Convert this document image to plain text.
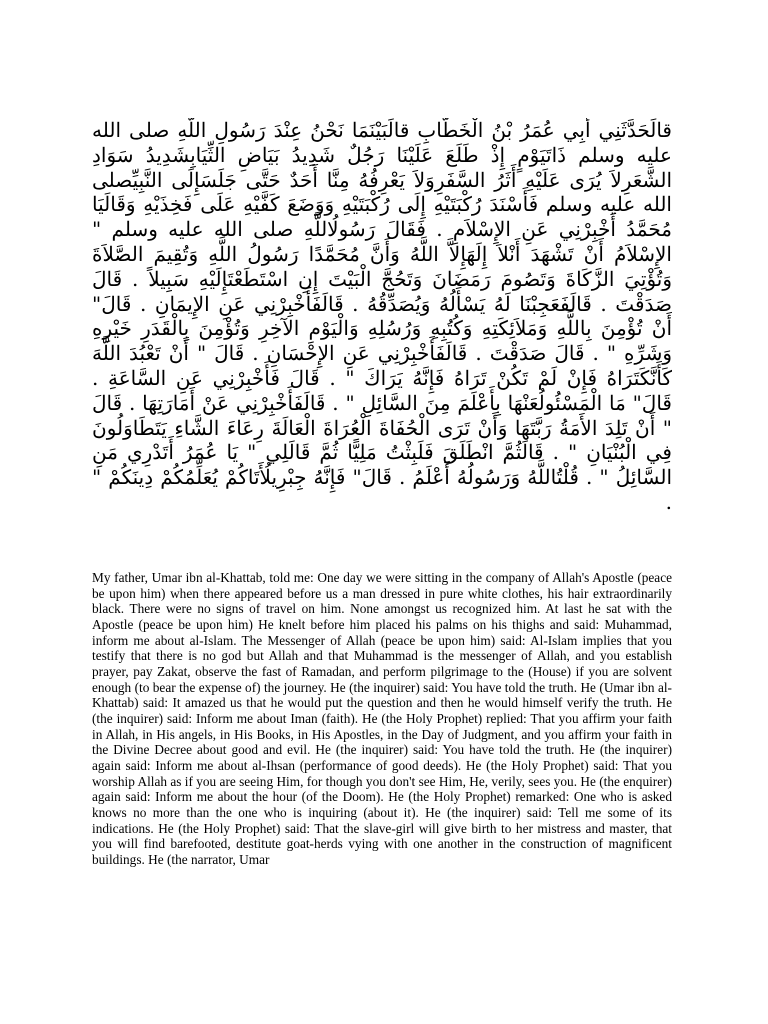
قالَحَدَّثَنِي أَبِي عُمَرُ بْنُ الْخَطَّابِ قالَبَيْنَمَا نَحْنُ عِنْدَ رَسُولِ اللَّهِ صلى الله عليه وسلم ذَاتَيَوْمٍ إِذْ طَلَعَ عَلَيْنَا رَجُلٌ شَدِيدُ بَيَاضِ الثِّيَابِشَدِيدُ سَوَادِ الشَّعَرِلاَ يُرَى عَلَيْهِ أَثَرُ السَّفَرِوَلاَ يَعْرِفُهُ مِنَّا أَحَدٌ حَتَّى جَلَسَإِلَى النَّبِيِّصلى الله عليه وسلم فَأَسْنَدَ رُكْبَتَيْهِ إِلَى رُكْبَتَيْهِ وَوَضَعَ كَفَّيْهِ عَلَى فَخِذَيْهِ وَقَالَيَا مُحَمَّدُ أَخْبِرْنِي عَنِ الإِسْلاَمِ . فَقَالَ رَسُولُاللَّهِ صلى الله عليه وسلم " الإِسْلاَمُ أَنْ تَشْهَدَ أَنْلاَ إِلَهَإِلاَّ اللَّهُ وَأَنَّ مُحَمَّدًا رَسُولُ اللَّهِ وَتُقِيمَ الصَّلاَةَ وَتُؤْتِيَ الزَّكَاةَ وَتَصُومَ رَمَضَانَ وَتَحُجَّ الْبَيْتَ إِنِ اسْتَطَعْتَإِلَيْهِ سَبِيلاً . قَالَ صَدَقْتَ . قَالَفَعَجِبْنَا لَهُ يَسْأَلُهُ وَيُصَدِّقُهُ . قَالَفَأَخْبِرْنِي عَنِ الإِيمَانِ . قَالَ" أَنْ تُؤْمِنَ بِاللَّهِ وَمَلاَئِكَتِهِ وَكُتُبِهِ وَرُسُلِهِ وَالْيَوْمِ الآخِرِ وَتُؤْمِنَ بِالْقَدَرِ خَيْرِهِ وَشَرِّهِ " . قَالَ صَدَقْتَ . قَالَفَأَخْبِرْنِي عَنِ الإِحْسَانِ . قَالَ " أَنْ تَعْبُدَ اللَّهَ كَأَنَّكَتَرَاهُ فَإِنْ لَمْ تَكُنْ تَرَاهُ فَإِنَّهُ يَرَاكَ " . قَالَ فَأَخْبِرْنِي عَنِ السَّاعَةِ . قَالَ" مَا الْمَسْئُولُعَنْهَا بِأَعْلَمَ مِنَ السَّائِلِ " . قَالَفَأَخْبِرْنِي عَنْ أَمَارَتِهَا . قَالَ " أَنْ تَلِدَ الأَمَةُ رَبَّتَهَا وَأَنْ تَرَى الْحُفَاةَ الْعُرَاةَ الْعَالَةَ رِعَاءَ الشَّاءِ يَتَطَاوَلُونَ فِي الْبُنْيَانِ " . قَالَثُمَّ انْطَلَقَ فَلَبِثْتُ مَلِيًّا ثُمَّ قَالَلِي " يَا عُمَرُ أَتَدْرِي مَنِ السَّائِلُ " . قُلْتُاللَّهُ وَرَسُولُهُ أَعْلَمُ . قَالَ" فَإِنَّهُ جِبْرِيلُأَتَاكُمْ يُعَلِّمُكُمْ دِينَكُمْ " .

My father, Umar ibn al-Khattab, told me: One day we were sitting in the company of Allah's Apostle (peace be upon him) when there appeared before us a man dressed in pure white clothes, his hair extraordinarily black. There were no signs of travel on him. None amongst us recognized him. At last he sat with the Apostle (peace be upon him) He knelt before him placed his palms on his thighs and said: Muhammad, inform me about al-Islam. The Messenger of Allah (peace be upon him) said: Al-Islam implies that you testify that there is no god but Allah and that Muhammad is the messenger of Allah, and you establish prayer, pay Zakat, observe the fast of Ramadan, and perform pilgrimage to the (House) if you are solvent enough (to bear the expense of) the journey. He (the inquirer) said: You have told the truth. He (Umar ibn al-Khattab) said: It amazed us that he would put the question and then he would himself verify the truth. He (the inquirer) said: Inform me about Iman (faith). He (the Holy Prophet) replied: That you affirm your faith in Allah, in His angels, in His Books, in His Apostles, in the Day of Judgment, and you affirm your faith in the Divine Decree about good and evil. He (the inquirer) said: You have told the truth. He (the inquirer) again said: Inform me about al-Ihsan (performance of good deeds). He (the Holy Prophet) said: That you worship Allah as if you are seeing Him, for though you don't see Him, He, verily, sees you. He (the enquirer) again said: Inform me about the hour (of the Doom). He (the Holy Prophet) remarked: One who is asked knows no more than the one who is inquiring (about it). He (the inquirer) said: Tell me some of its indications. He (the Holy Prophet) said: That the slave-girl will give birth to her mistress and master, that you will find barefooted, destitute goat-herds vying with one another in the construction of magnificent buildings. He (the narrator, Umar
